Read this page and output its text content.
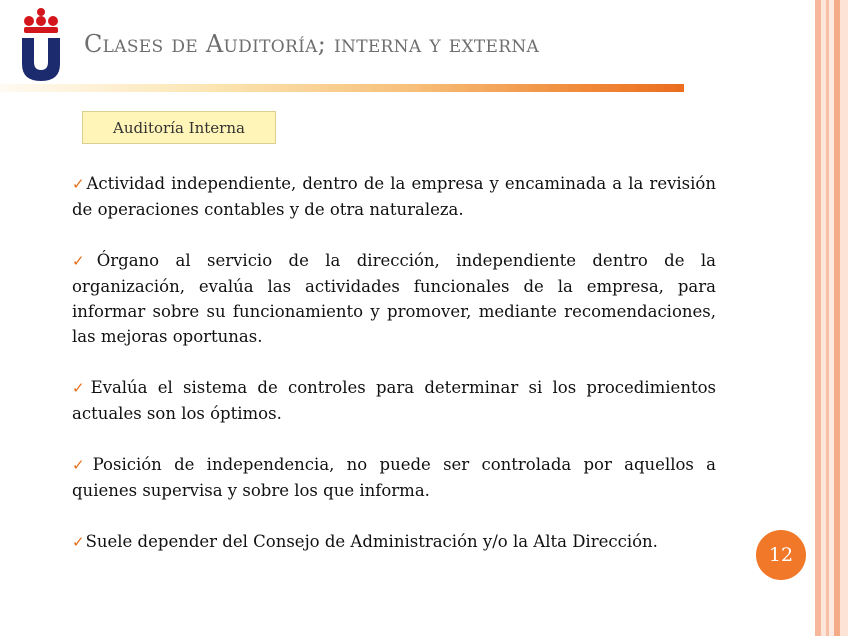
Clases de Auditoría; interna y externa
Auditoría Interna

✓Actividad independiente, dentro de la empresa y encaminada a la revisión de operaciones contables y de otra naturaleza.

✓Órgano al servicio de la dirección, independiente dentro de la organización, evalúa las actividades funcionales de la empresa, para informar sobre su funcionamiento y promover, mediante recomendaciones, las mejoras oportunas.

✓Evalúa el sistema de controles para determinar si los procedimientos actuales son los óptimos.

✓Posición de independencia, no puede ser controlada por aquellos a quienes supervisa y sobre los que informa.

✓Suele depender del Consejo de Administración y/o la Alta Dirección.

12
